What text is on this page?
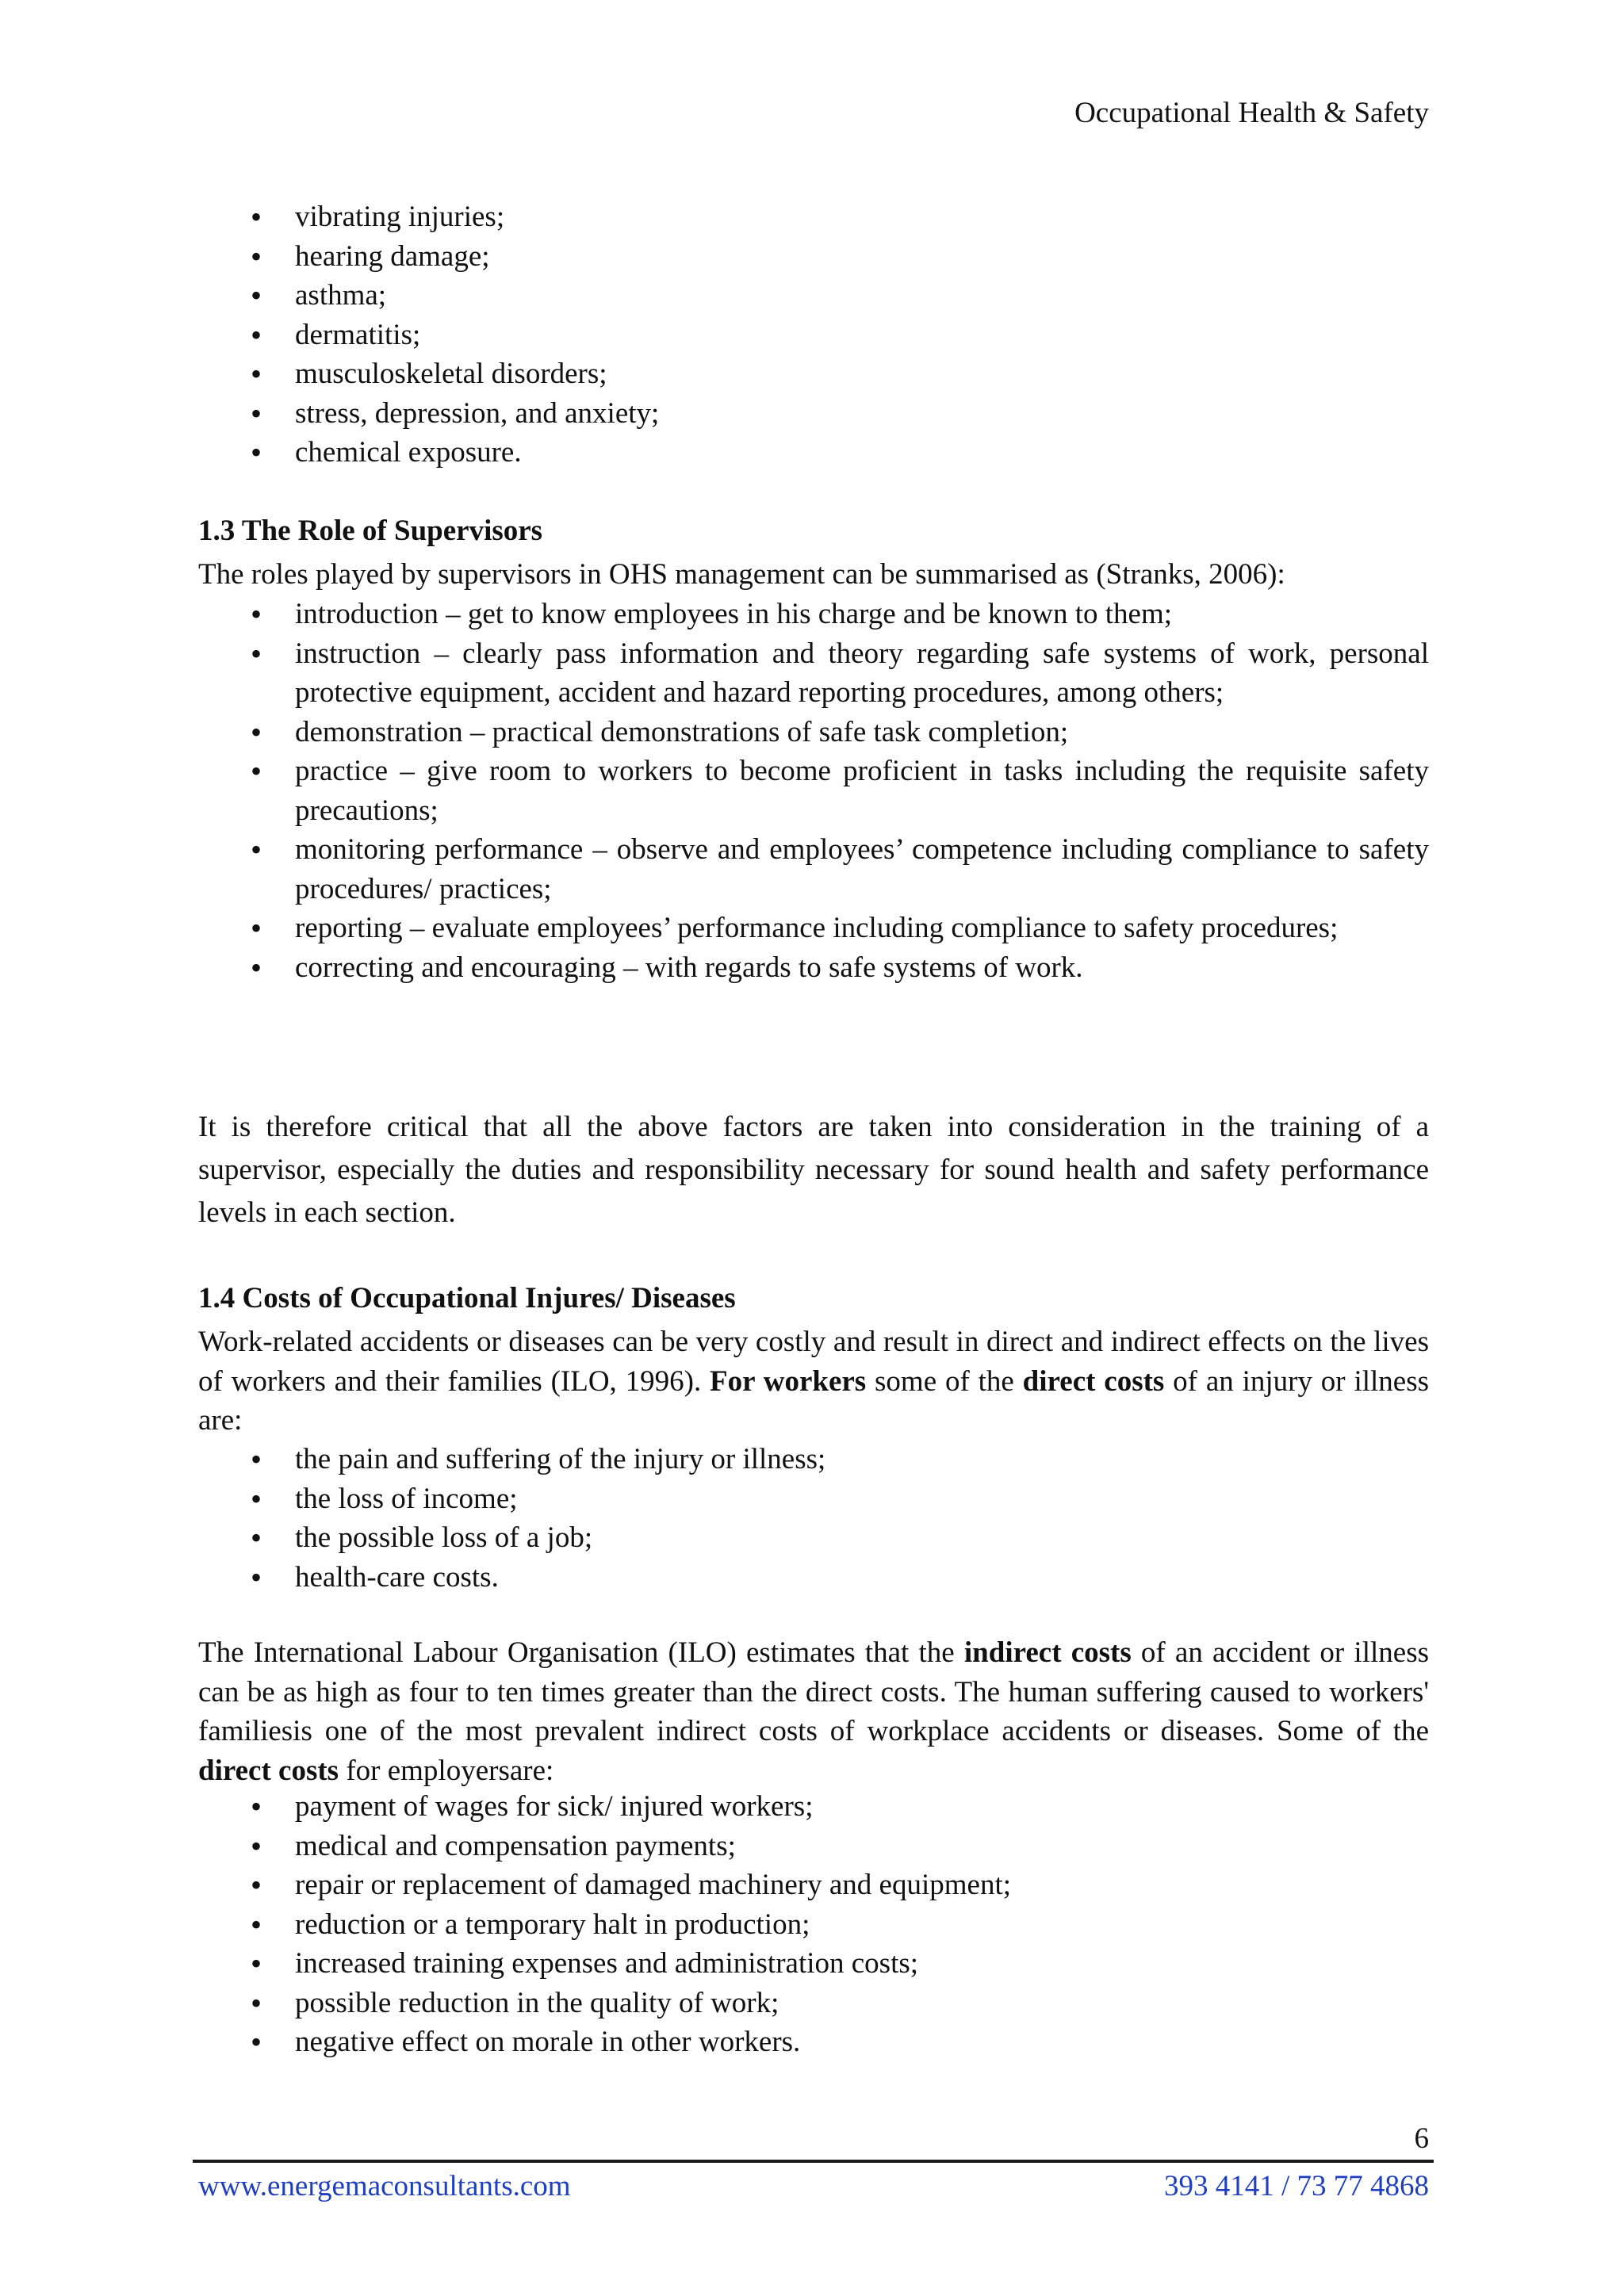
Occupational Health & Safety
• vibrating injuries;
• hearing damage;
• asthma;
• dermatitis;
• musculoskeletal disorders;
• stress, depression, and anxiety;
• chemical exposure.
1.3 The Role of Supervisors

The roles played by supervisors in OHS management can be summarised as (Stranks, 2006):

• introduction – get to know employees in his charge and be known to them;
• instruction – clearly pass information and theory regarding safe systems of work, personal protective equipment, accident and hazard reporting procedures, among others;
• demonstration – practical demonstrations of safe task completion;
• practice – give room to workers to become proficient in tasks including the requisite safety precautions;
• monitoring performance – observe and employees’ competence including compliance to safety procedures/ practices;
• reporting – evaluate employees’ performance including compliance to safety procedures;
• correcting and encouraging – with regards to safe systems of work.

It is therefore critical that all the above factors are taken into consideration in the training of a supervisor, especially the duties and responsibility necessary for sound health and safety performance levels in each section.

1.4 Costs of Occupational Injures/ Diseases

Work-related accidents or diseases can be very costly and result in direct and indirect effects on the lives of workers and their families (ILO, 1996). For workers some of the direct costs of an injury or illness are:

• the pain and suffering of the injury or illness;
• the loss of income;
• the possible loss of a job;
• health-care costs.

The International Labour Organisation (ILO) estimates that the indirect costs of an accident or illness can be as high as four to ten times greater than the direct costs. The human suffering caused to workers' familiesis one of the most prevalent indirect costs of workplace accidents or diseases. Some of the direct costs for employersare:

• payment of wages for sick/ injured workers;
• medical and compensation payments;
• repair or replacement of damaged machinery and equipment;
• reduction or a temporary halt in production;
• increased training expenses and administration costs;
• possible reduction in the quality of work;
• negative effect on morale in other workers.
6
www.energemaconsultants.com	393 4141 / 73 77 4868
